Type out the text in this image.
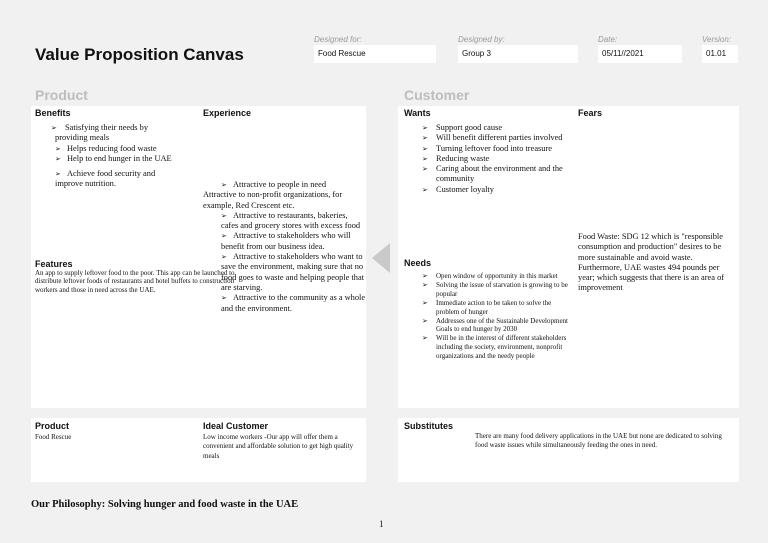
Value Proposition Canvas
Designed for:
Food Rescue
Designed by:
Group 3
Date:
05/11//2021
Version:
01.01
Product	Customer
Benefits

➢ Satisfying their needs by providing meals

➢ Helps reducing food waste

➢ Help to end hunger in the UAE

➢ Achieve food security and improve nutrition.

Experience

➢ Attractive to people in need

Attractive to non-profit organizations, for example, Red Crescent etc.

➢ Attractive to restaurants, bakeries, cafes and grocery stores with excess food

➢ Attractive to stakeholders who will benefit from our business idea.

➢ Attractive to stakeholders who want to save the environment, making sure that no food goes to waste and helping people that are starving.

➢ Attractive to the community as a whole and the environment.

Features
An app to supply leftover food to the poor. This app can be launched to distribute leftover foods of restaurants and hotel buffets to construction workers and those in need across the UAE.
Wants
➢ Support good cause
➢ Will benefit different parties involved
➢ Turning leftover food into treasure
➢ Reducing waste
➢ Caring about the environment and the community
➢ Customer loyalty
Fears
Food Waste: SDG 12 which is "responsible consumption and production" desires to be more sustainable and avoid waste. Furthermore, UAE wastes 494 pounds per year; which suggests that there is an area of improvement
Needs
➢ Open window of opportunity in this market
➢ Solving the issue of starvation is growing to be popular
➢ Immediate action to be taken to solve the problem of hunger
➢ Addresses one of the Sustainable Development Goals to end hunger by 2030
➢ Will be in the interest of different stakeholders including the society, environment, nonprofit organizations and the needy people
Product
Food Rescue
Ideal Customer
Low income workers -Our app will offer them a convenient and affordable solution to get high quality meals
Substitutes
There are many food delivery applications in the UAE but none are dedicated to solving food waste issues while simultaneously feeding the ones in need.
Our Philosophy: Solving hunger and food waste in the UAE
1
